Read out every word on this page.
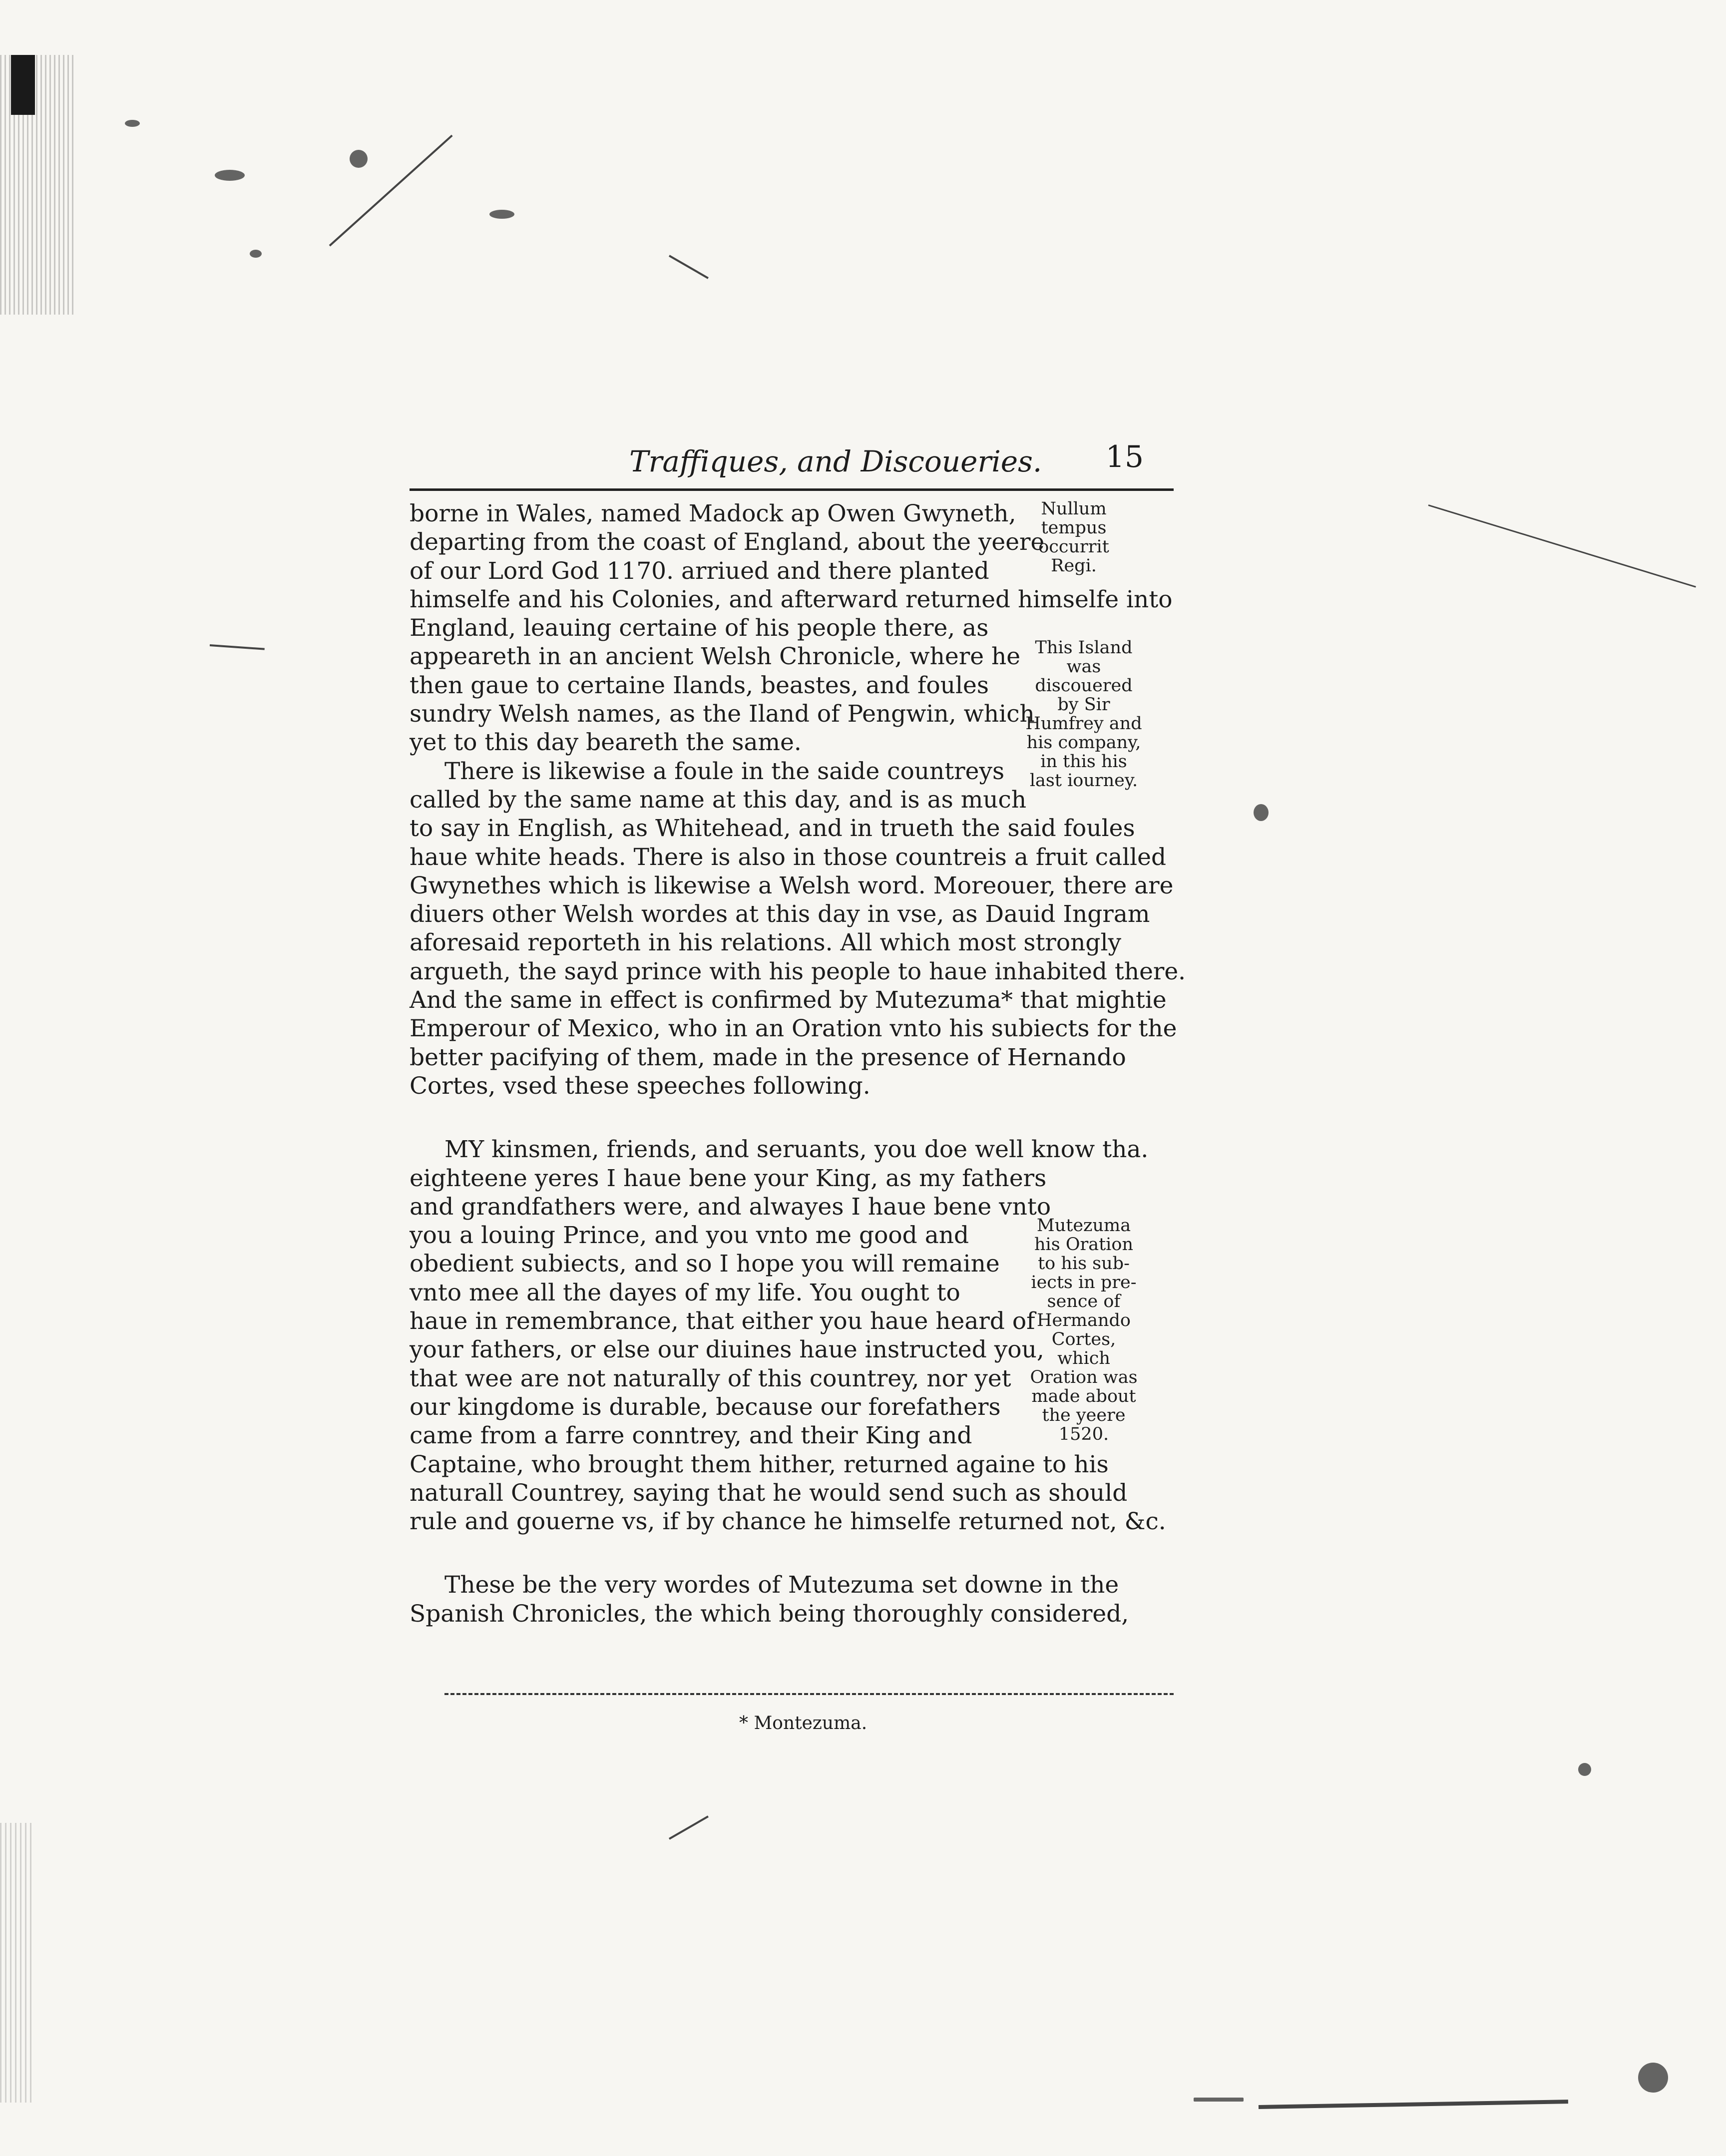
Traffiques, and Discoueries. 15
borne in Wales, named Madock ap Owen Gwyneth,
departing from the coast of England, about the yeere
of our Lord God 1170. arriued and there planted
himselfe and his Colonies, and afterward returned himselfe into
England, leauing certaine of his people there, as
appeareth in an ancient Welsh Chronicle, where he
then gaue to certaine Ilands, beastes, and foules
sundry Welsh names, as the Iland of Pengwin, which
yet to this day beareth the same.
There is likewise a foule in the saide countreys
called by the same name at this day, and is as much
to say in English, as Whitehead, and in trueth the said foules
haue white heads. There is also in those countreis a fruit called
Gwynethes which is likewise a Welsh word. Moreouer, there are
diuers other Welsh wordes at this day in vse, as Dauid Ingram
aforesaid reporteth in his relations. All which most strongly
argueth, the sayd prince with his people to haue inhabited there.
And the same in effect is confirmed by Mutezuma* that mightie
Emperour of Mexico, who in an Oration vnto his subiects for the
better pacifying of them, made in the presence of Hernando
Cortes, vsed these speeches following.
MY kinsmen, friends, and seruants, you doe well know tha.
eighteene yeres I haue bene your King, as my fathers
and grandfathers were, and alwayes I haue bene vnto
you a louing Prince, and you vnto me good and
obedient subiects, and so I hope you will remaine
vnto mee all the dayes of my life. You ought to
haue in remembrance, that either you haue heard of
your fathers, or else our diuines haue instructed you,
that wee are not naturally of this countrey, nor yet
our kingdome is durable, because our forefathers
came from a farre conntrey, and their King and
Captaine, who brought them hither, returned againe to his
naturall Countrey, saying that he would send such as should
rule and gouerne vs, if by chance he himselfe returned not, &c.
These be the very wordes of Mutezuma set downe in the
Spanish Chronicles, the which being thoroughly considered,
Nullum
tempus
occurrit
Regi.
This Island
was
discouered
by Sir
Humfrey and
his company,
in this his
last iourney.
Mutezuma
his Oration
to his sub-
iects in pre-
sence of
Hermando
Cortes,
which
Oration was
made about
the yeere
1520.
* Montezuma.
